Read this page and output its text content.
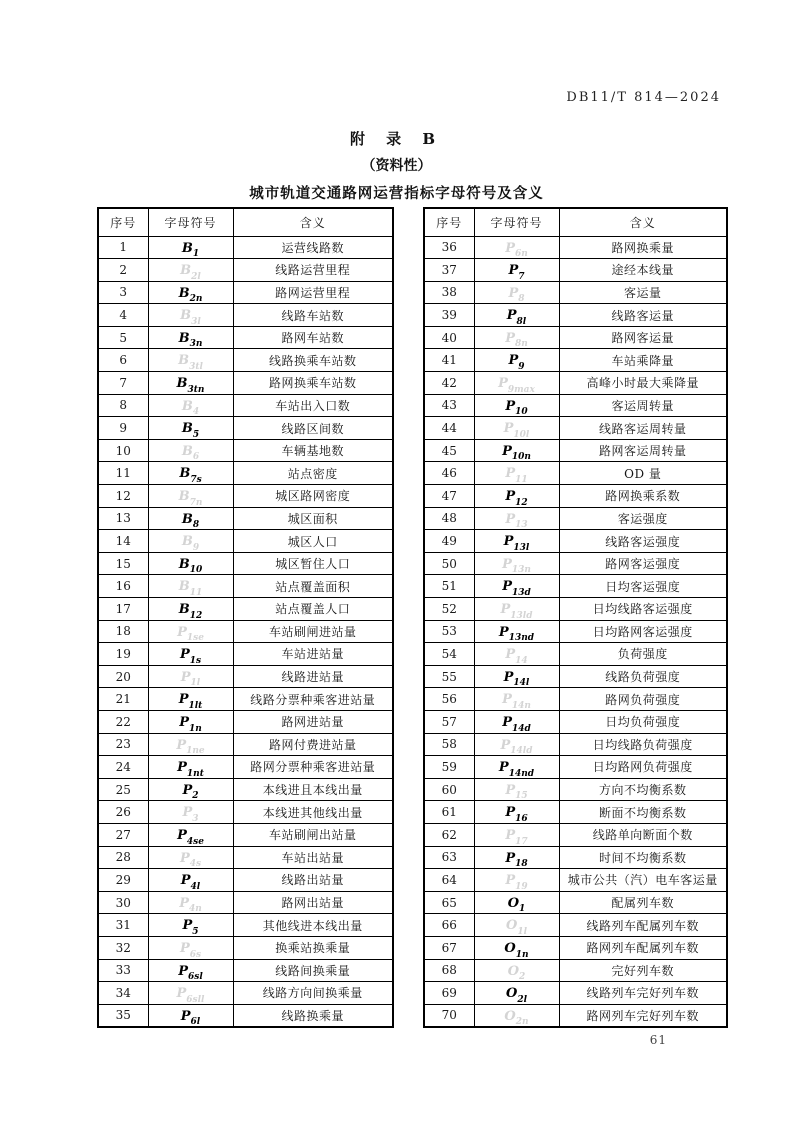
DB11/T 814—2024
附 录 B
（资料性）
城市轨道交通路网运营指标字母符号及含义
序号	字母符号	含义
1	$B_1$	运营线路数
2	$B_{2l}$	线路运营里程
3	$B_{2n}$	路网运营里程
4	$B_{3l}$	线路车站数
5	$B_{3n}$	路网车站数
6	$B_{3tl}$	线路换乘车站数
7	$B_{3tn}$	路网换乘车站数
8	$B_4$	车站出入口数
9	$B_5$	线路区间数
10	$B_6$	车辆基地数
11	$B_{7s}$	站点密度
12	$B_{7n}$	城区路网密度
13	$B_8$	城区面积
14	$B_9$	城区人口
15	$B_{10}$	城区暂住人口
16	$B_{11}$	站点覆盖面积
17	$B_{12}$	站点覆盖人口
18	$P_{1se}$	车站刷闸进站量
19	$P_{1s}$	车站进站量
20	$P_{1l}$	线路进站量
21	$P_{1lt}$	线路分票种乘客进站量
22	$P_{1n}$	路网进站量
23	$P_{1ne}$	路网付费进站量
24	$P_{1nt}$	路网分票种乘客进站量
25	$P_2$	本线进且本线出量
26	$P_3$	本线进其他线出量
27	$P_{4se}$	车站刷闸出站量
28	$P_{4s}$	车站出站量
29	$P_{4l}$	线路出站量
30	$P_{4n}$	路网出站量
31	$P_5$	其他线进本线出量
32	$P_{6s}$	换乘站换乘量
33	$P_{6sl}$	线路间换乘量
34	$P_{6sll}$	线路方向间换乘量
35	$P_{6l}$	线路换乘量
序号	字母符号	含义
36	$P_{6n}$	路网换乘量
37	$P_7$	途经本线量
38	$P_8$	客运量
39	$P_{8l}$	线路客运量
40	$P_{8n}$	路网客运量
41	$P_9$	车站乘降量
42	$P_{9max}$	高峰小时最大乘降量
43	$P_{10}$	客运周转量
44	$P_{10l}$	线路客运周转量
45	$P_{10n}$	路网客运周转量
46	$P_{11}$	OD 量
47	$P_{12}$	路网换乘系数
48	$P_{13}$	客运强度
49	$P_{13l}$	线路客运强度
50	$P_{13n}$	路网客运强度
51	$P_{13d}$	日均客运强度
52	$P_{13ld}$	日均线路客运强度
53	$P_{13nd}$	日均路网客运强度
54	$P_{14}$	负荷强度
55	$P_{14l}$	线路负荷强度
56	$P_{14n}$	路网负荷强度
57	$P_{14d}$	日均负荷强度
58	$P_{14ld}$	日均线路负荷强度
59	$P_{14nd}$	日均路网负荷强度
60	$P_{15}$	方向不均衡系数
61	$P_{16}$	断面不均衡系数
62	$P_{17}$	线路单向断面个数
63	$P_{18}$	时间不均衡系数
64	$P_{19}$	城市公共（汽）电车客运量
65	$O_1$	配属列车数
66	$O_{1l}$	线路列车配属列车数
67	$O_{1n}$	路网列车配属列车数
68	$O_2$	完好列车数
69	$O_{2l}$	线路列车完好列车数
70	$O_{2n}$	路网列车完好列车数
61
